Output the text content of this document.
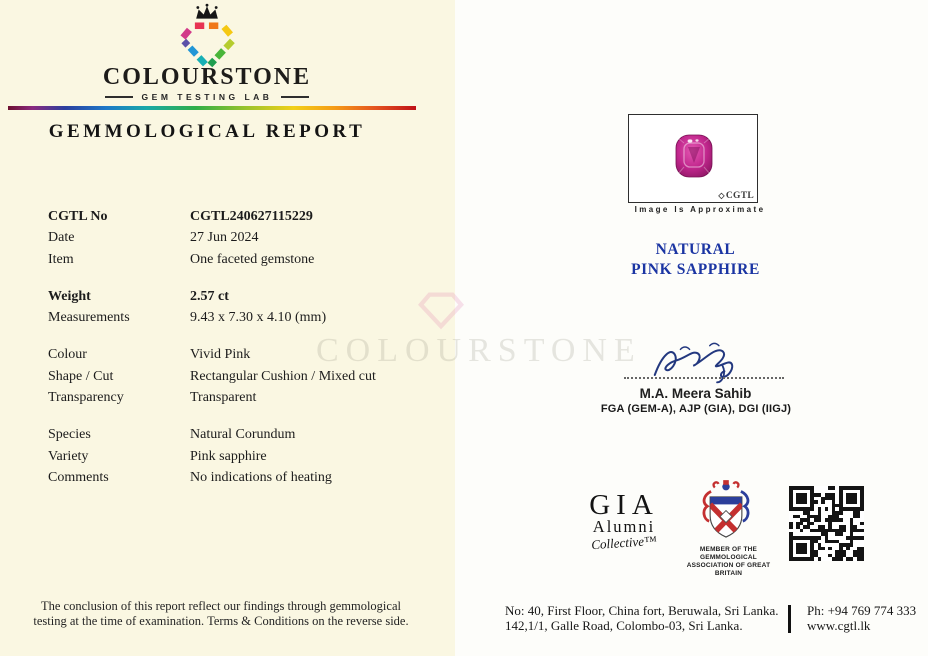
COLOURSTONE
COLOURSTONE
GEM TESTING LAB
GEMMOLOGICAL REPORT
CGTL No	CGTL240627115229
Date	27 Jun 2024
Item	One faceted gemstone
Weight	2.57 ct
Measurements	9.43 x 7.30 x 4.10 (mm)
Colour	Vivid Pink
Shape / Cut	Rectangular Cushion / Mixed cut
Transparency	Transparent
Species	Natural Corundum
Variety	Pink sapphire
Comments	No indications of heating
The conclusion of this report reflect our findings through gemmological
testing at the time of examination. Terms & Conditions on the reverse side.
◇CGTL
Image Is Approximate
NATURAL
PINK SAPPHIRE
M.A. Meera Sahib
FGA (GEM-A), AJP (GIA), DGI (IIGJ)
GIA
Alumni
Collective™	MEMBER OF THE GEMMOLOGICAL
ASSOCIATION OF GREAT BRITAIN
No: 40, First Floor, China fort, Beruwala, Sri Lanka.
142,1/1, Galle Road, Colombo-03, Sri Lanka.
Ph: +94 769 774 333
www.cgtl.lk
